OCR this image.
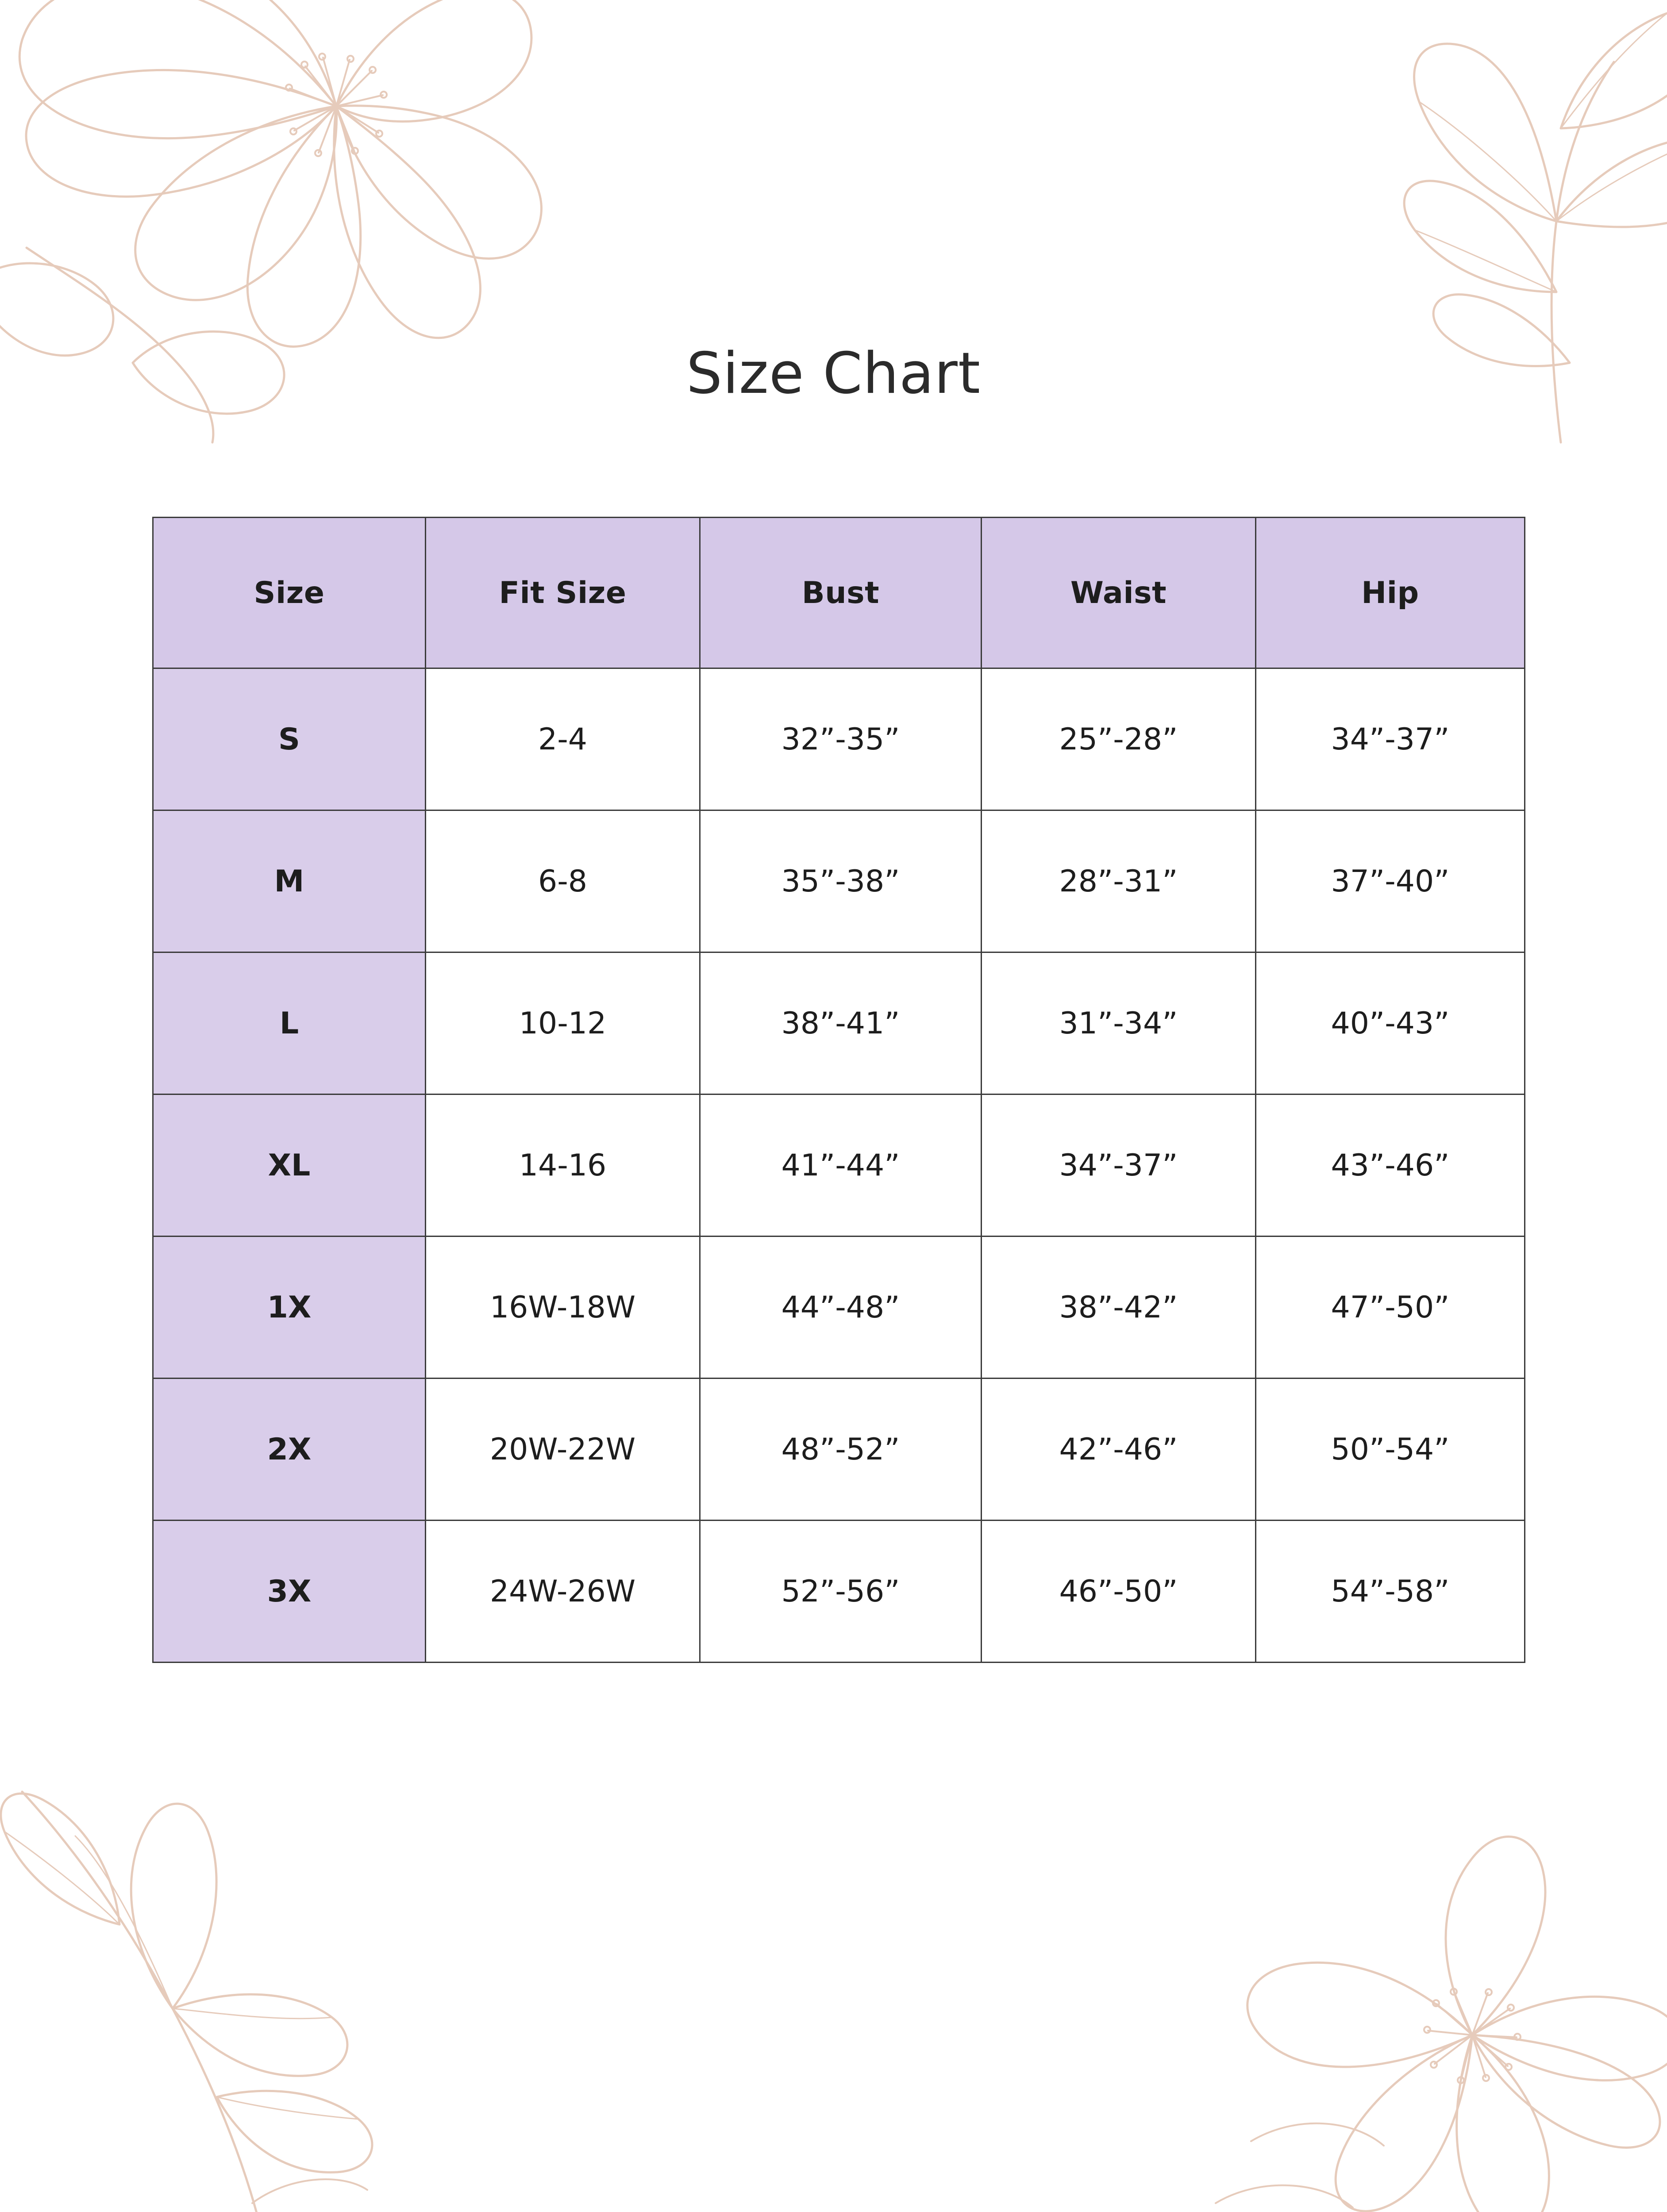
Size Chart
Size	Fit Size	Bust	Waist	Hip
S	2-4	32”-35”	25”-28”	34”-37”
M	6-8	35”-38”	28”-31”	37”-40”
L	10-12	38”-41”	31”-34”	40”-43”
XL	14-16	41”-44”	34”-37”	43”-46”
1X	16W-18W	44”-48”	38”-42”	47”-50”
2X	20W-22W	48”-52”	42”-46”	50”-54”
3X	24W-26W	52”-56”	46”-50”	54”-58”
